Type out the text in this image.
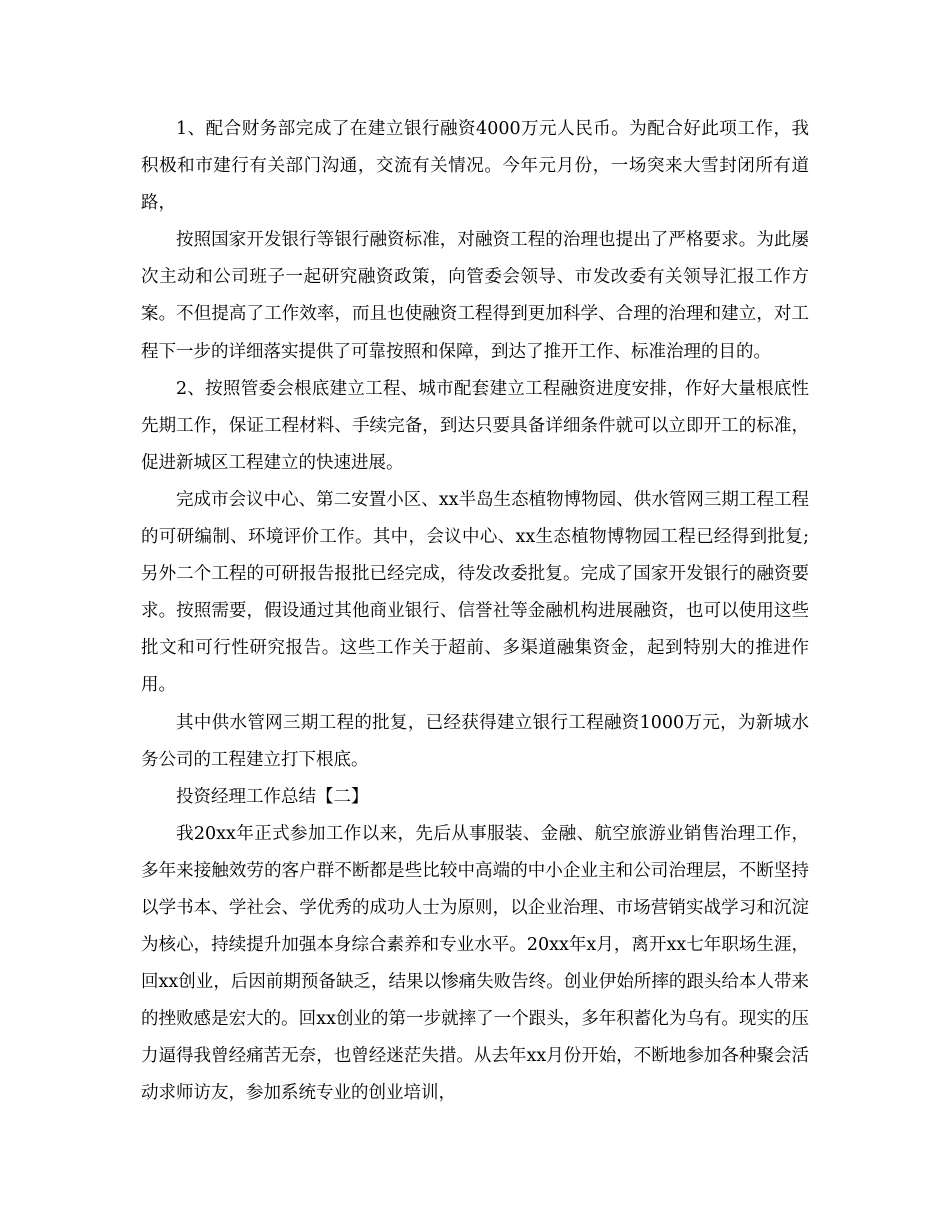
1、配合财务部完成了在建立银行融资4000万元人民币。为配合好此项工作，我积极和市建行有关部门沟通，交流有关情况。今年元月份，一场突来大雪封闭所有道路，

按照国家开发银行等银行融资标准，对融资工程的治理也提出了严格要求。为此屡次主动和公司班子一起研究融资政策，向管委会领导、市发改委有关领导汇报工作方案。不但提高了工作效率，而且也使融资工程得到更加科学、合理的治理和建立，对工程下一步的详细落实提供了可靠按照和保障，到达了推开工作、标准治理的目的。

2、按照管委会根底建立工程、城市配套建立工程融资进度安排，作好大量根底性先期工作，保证工程材料、手续完备，到达只要具备详细条件就可以立即开工的标准，促进新城区工程建立的快速进展。

完成市会议中心、第二安置小区、xx半岛生态植物博物园、供水管网三期工程工程的可研编制、环境评价工作。其中，会议中心、xx生态植物博物园工程已经得到批复;另外二个工程的可研报告报批已经完成，待发改委批复。完成了国家开发银行的融资要求。按照需要，假设通过其他商业银行、信誉社等金融机构进展融资，也可以使用这些批文和可行性研究报告。这些工作关于超前、多渠道融集资金，起到特别大的推进作用。

其中供水管网三期工程的批复，已经获得建立银行工程融资1000万元，为新城水务公司的工程建立打下根底。

投资经理工作总结【二】

我20xx年正式参加工作以来，先后从事服装、金融、航空旅游业销售治理工作，多年来接触效劳的客户群不断都是些比较中高端的中小企业主和公司治理层，不断坚持以学书本、学社会、学优秀的成功人士为原则，以企业治理、市场营销实战学习和沉淀为核心，持续提升加强本身综合素养和专业水平。20xx年x月，离开xx七年职场生涯，回xx创业，后因前期预备缺乏，结果以惨痛失败告终。创业伊始所摔的跟头给本人带来的挫败感是宏大的。回xx创业的第一步就摔了一个跟头，多年积蓄化为乌有。现实的压力逼得我曾经痛苦无奈，也曾经迷茫失措。从去年xx月份开始，不断地参加各种聚会活动求师访友，参加系统专业的创业培训，
